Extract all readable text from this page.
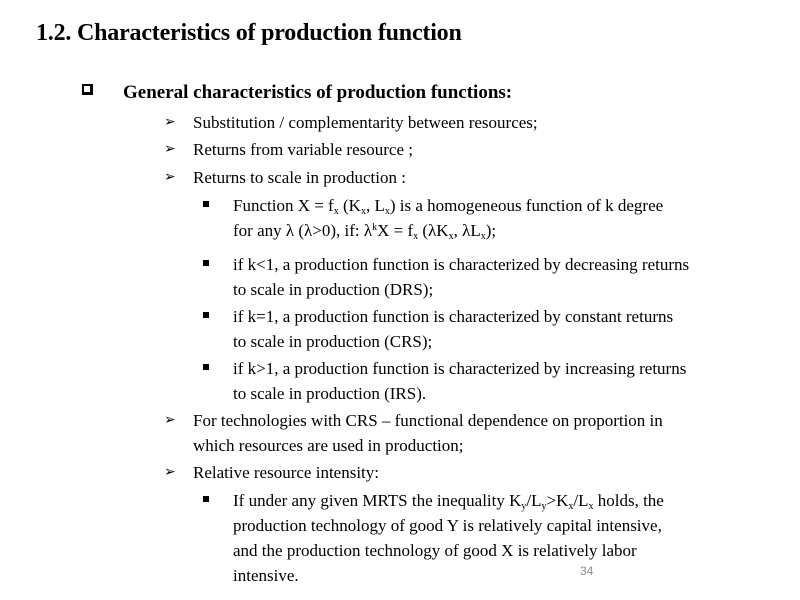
1.2. Characteristics of production function
General characteristics of production functions:
➢ Substitution / complementarity between resources;
➢ Returns from variable resource ;
➢ Returns to scale in production :
Function $X = f_x$ ($K_x$, $L_x$) is a homogeneous function of k degree
for any λ (λ>0), if: $\lambda^kX = f_x$ ($\lambda K_x$, $\lambda L_x$);
if k<1, a production function is characterized by decreasing returns
to scale in production (DRS);
if k=1, a production function is characterized by constant returns
to scale in production (CRS);
if k>1, a production function is characterized by increasing returns
to scale in production (IRS).
➢ For technologies with CRS – functional dependence on proportion in
which resources are used in production;
➢ Relative resource intensity:
If under any given MRTS the inequality $K_y/L_y>K_x/L_x$ holds, the
production technology of good Y is relatively capital intensive,
and the production technology of good X is relatively labor
intensive.	34
